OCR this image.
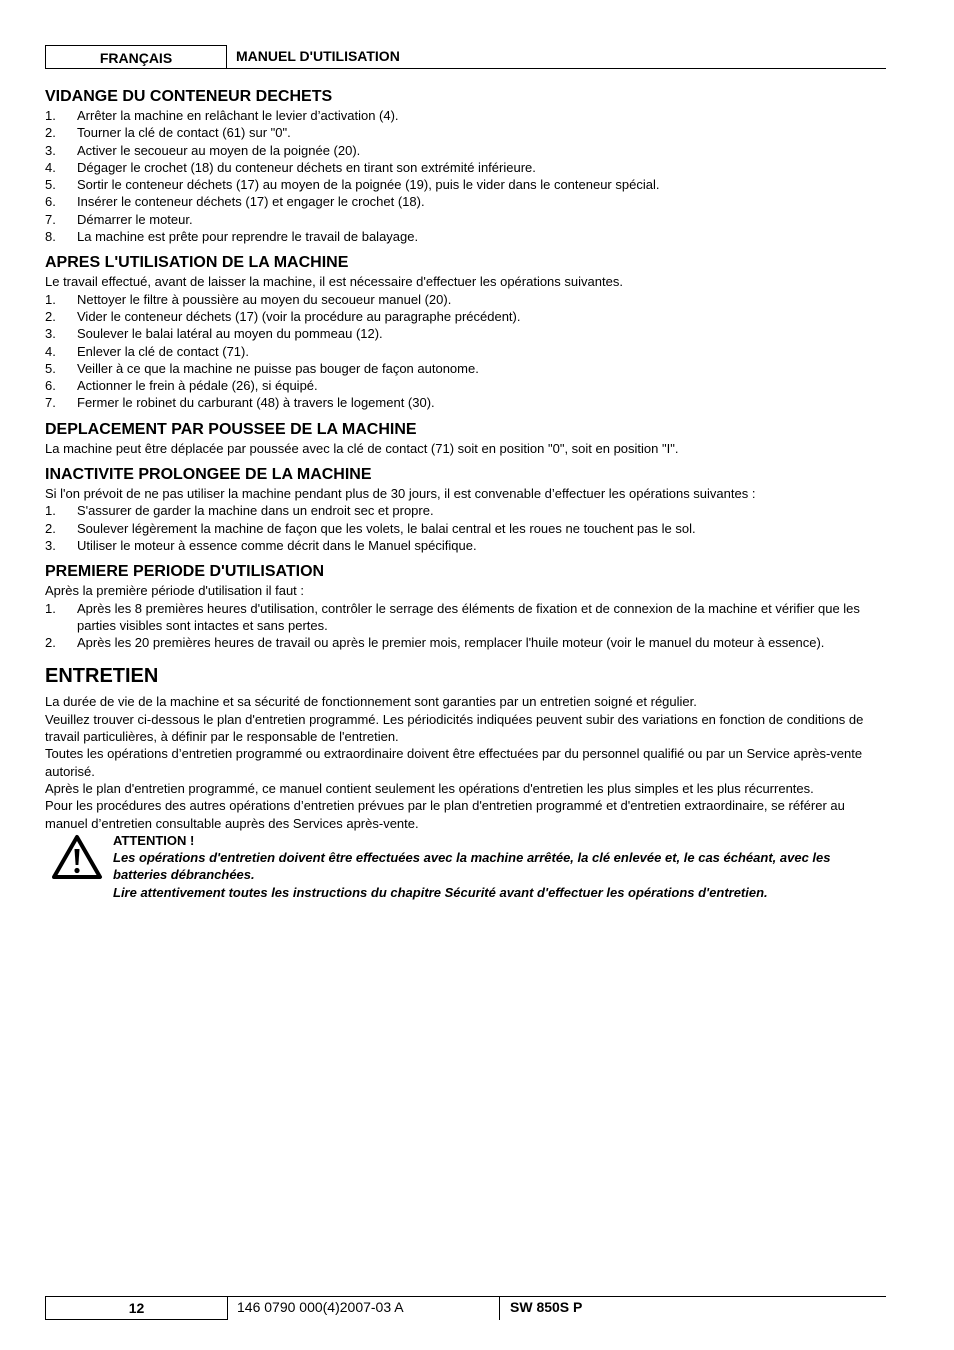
FRANÇAIS	MANUEL D'UTILISATION
VIDANGE DU CONTENEUR DECHETS
1. Arrêter la machine en relâchant le levier d’activation (4).
2. Tourner la clé de contact (61) sur "0".
3. Activer le secoueur au moyen de la poignée (20).
4. Dégager le crochet (18) du conteneur déchets en tirant son extrémité inférieure.
5. Sortir le conteneur déchets (17) au moyen de la poignée (19), puis le vider dans le conteneur spécial.
6. Insérer le conteneur déchets (17) et engager le crochet (18).
7. Démarrer le moteur.
8. La machine est prête pour reprendre le travail de balayage.
APRES L'UTILISATION DE LA MACHINE

Le travail effectué, avant de laisser la machine, il est nécessaire d'effectuer les opérations suivantes.

1. Nettoyer le filtre à poussière au moyen du secoueur manuel (20).
2. Vider le conteneur déchets (17) (voir la procédure au paragraphe précédent).
3. Soulever le balai latéral au moyen du pommeau (12).
4. Enlever la clé de contact (71).
5. Veiller à ce que la machine ne puisse pas bouger de façon autonome.
6. Actionner le frein à pédale (26), si équipé.
7. Fermer le robinet du carburant (48) à travers le logement (30).
DEPLACEMENT PAR POUSSEE DE LA MACHINE

La machine peut être déplacée par poussée avec la clé de contact (71) soit en position "0", soit en position "I".

INACTIVITE PROLONGEE DE LA MACHINE

Si l'on prévoit de ne pas utiliser la machine pendant plus de 30 jours, il est convenable d’effectuer les opérations suivantes :

1. S'assurer de garder la machine dans un endroit sec et propre.
2. Soulever légèrement la machine de façon que les volets, le balai central et les roues ne touchent pas le sol.
3. Utiliser le moteur à essence comme décrit dans le Manuel spécifique.
PREMIERE PERIODE D'UTILISATION

Après la première période d'utilisation il faut :

1. Après les 8 premières heures d'utilisation, contrôler le serrage des éléments de fixation et de connexion de la machine et vérifier que les parties visibles sont intactes et sans pertes.
2. Après les 20 premières heures de travail ou après le premier mois, remplacer l'huile moteur (voir le manuel du moteur à essence).
ENTRETIEN

La durée de vie de la machine et sa sécurité de fonctionnement sont garanties par un entretien soigné et régulier.

Veuillez trouver ci-dessous le plan d'entretien programmé. Les périodicités indiquées peuvent subir des variations en fonction de conditions de travail particulières, à définir par le responsable de l'entretien.

Toutes les opérations d’entretien programmé ou extraordinaire doivent être effectuées par du personnel qualifié ou par un Service après-vente autorisé.

Après le plan d'entretien programmé, ce manuel contient seulement les opérations d'entretien les plus simples et les plus récurrentes.

Pour les procédures des autres opérations d’entretien prévues par le plan d'entretien programmé et d'entretien extraordinaire, se référer au manuel d’entretien consultable auprès des Services après-vente.

ATTENTION !
Les opérations d'entretien doivent être effectuées avec la machine arrêtée, la clé enlevée et, le cas échéant, avec les batteries débranchées.
Lire attentivement toutes les instructions du chapitre Sécurité avant d'effectuer les opérations d'entretien.
12	146 0790 000(4)2007-03 A	SW 850S P
